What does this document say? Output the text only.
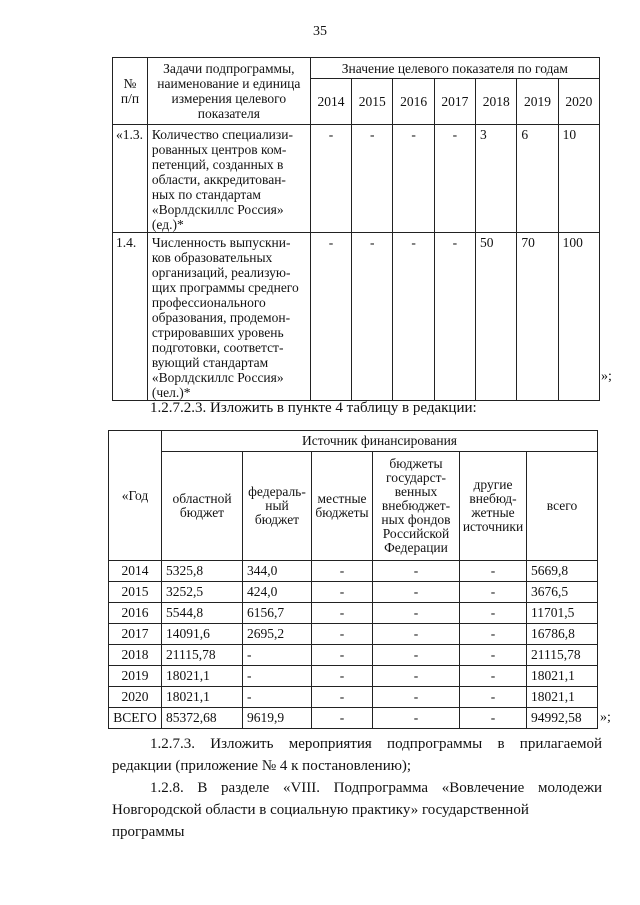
35
№
п/п	Задачи подпрограммы, наименование и единица измерения целевого показателя	Значение целевого показателя по годам						
		2014	2015	2016	2017	2018	2019	2020
«1.3.	Количество специализи-рованных центров ком-петенций, созданных в области, аккредитован-ных по стандартам «Ворлдскиллс Россия» (ед.)*	-	-	-	-	3	6	10
1.4.	Численность выпускни-ков образовательных организаций, реализую-щих программы среднего профессионального образования, продемон-стрировавших уровень подготовки, соответст-вующий стандартам «Ворлдскиллс Россия» (чел.)*	-	-	-	-	50	70	100
»;
1.2.7.2.3. Изложить в пункте 4 таблицу в редакции:
«Год	Источник финансирования					
	областной бюджет	федераль-ный бюджет	местные бюджеты	бюджеты государст-венных внебюджет-ных фондов Российской Федерации	другие внебюд-жетные источники	всего
2014	5325,8	344,0	-	-	-	5669,8
2015	3252,5	424,0	-	-	-	3676,5
2016	5544,8	6156,7	-	-	-	11701,5
2017	14091,6	2695,2	-	-	-	16786,8
2018	21115,78	-	-	-	-	21115,78
2019	18021,1	-	-	-	-	18021,1
2020	18021,1	-	-	-	-	18021,1
ВСЕГО	85372,68	9619,9	-	-	-	94992,58 »;
1.2.7.3. Изложить мероприятия подпрограммы в прилагаемой редакции (приложение № 4 к постановлению);
1.2.8. В разделе «VIII. Подпрограмма «Вовлечение молодежи
Новгородской области в социальную практику» государственной программы
